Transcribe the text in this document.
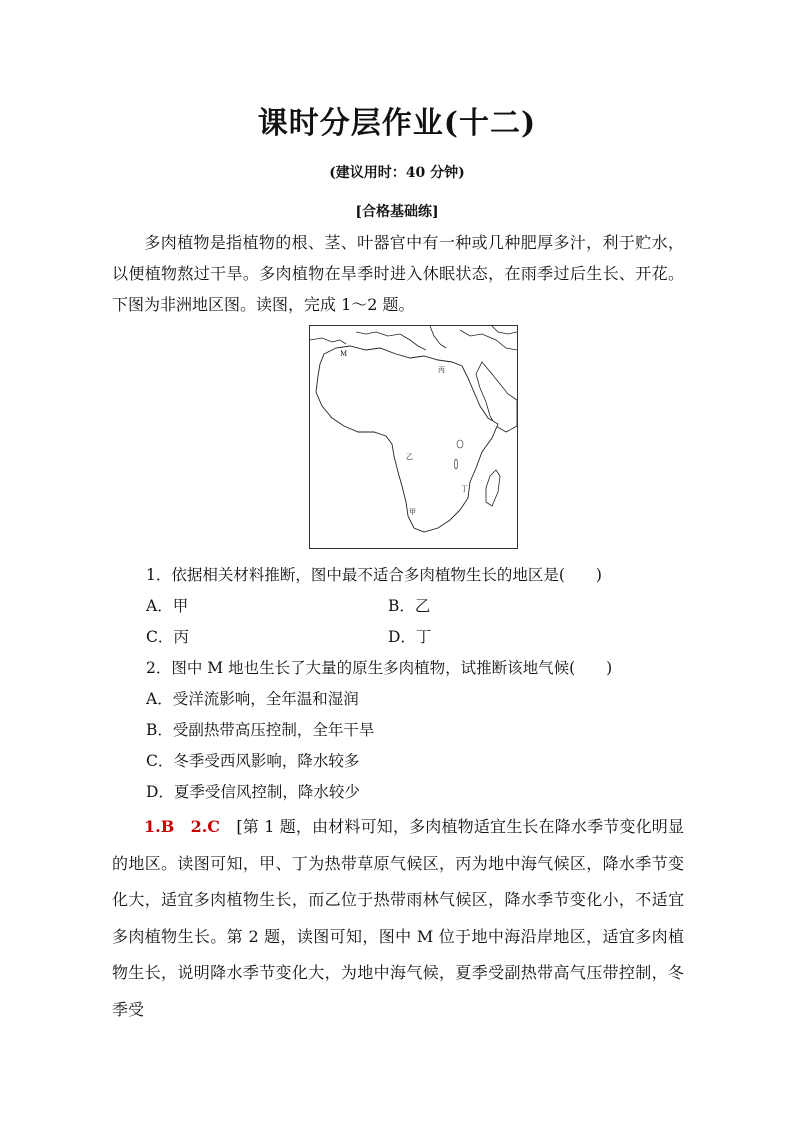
课时分层作业(十二)
(建议用时：40 分钟)
[合格基础练]
多肉植物是指植物的根、茎、叶器官中有一种或几种肥厚多汁，利于贮水，以便植物熬过干旱。多肉植物在旱季时进入休眠状态，在雨季过后生长、开花。下图为非洲地区图。读图，完成 1～2 题。
M
丙
乙
丁
甲
1．依据相关材料推断，图中最不适合多肉植物生长的地区是(　　)
A．甲	B．乙
C．丙	D．丁
2．图中 M 地也生长了大量的原生多肉植物，试推断该地气候(　　)
A．受洋流影响，全年温和湿润
B．受副热带高压控制，全年干旱
C．冬季受西风影响，降水较多
D．夏季受信风控制，降水较少
1.B　2.C　[第 1 题，由材料可知，多肉植物适宜生长在降水季节变化明显的地区。读图可知，甲、丁为热带草原气候区，丙为地中海气候区，降水季节变化大，适宜多肉植物生长，而乙位于热带雨林气候区，降水季节变化小，不适宜多肉植物生长。第 2 题，读图可知，图中 M 位于地中海沿岸地区，适宜多肉植物生长，说明降水季节变化大，为地中海气候，夏季受副热带高气压带控制，冬季受
